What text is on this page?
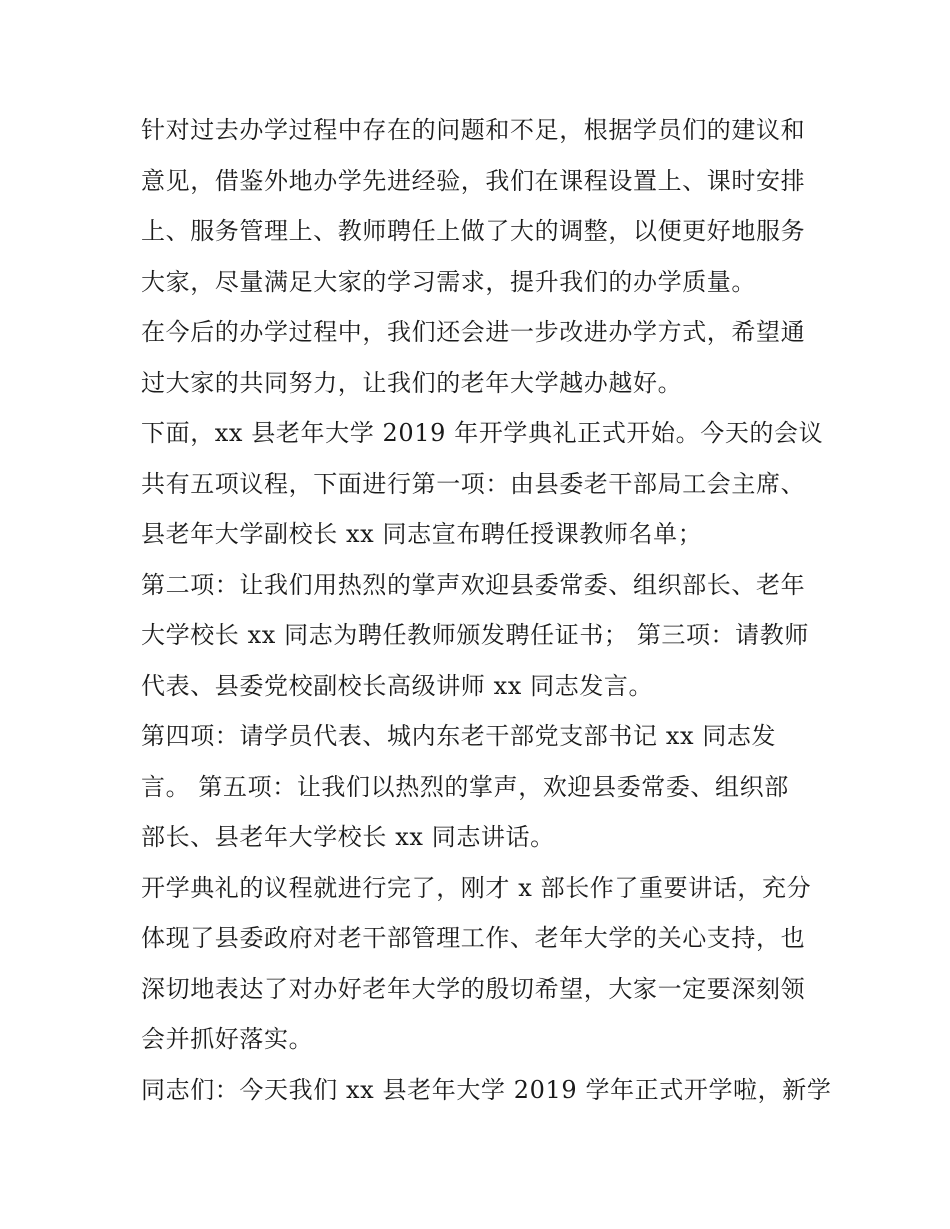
针对过去办学过程中存在的问题和不足，根据学员们的建议和
意见，借鉴外地办学先进经验，我们在课程设置上、课时安排
上、服务管理上、教师聘任上做了大的调整，以便更好地服务
大家，尽量满足大家的学习需求，提升我们的办学质量。

在今后的办学过程中，我们还会进一步改进办学方式，希望通
过大家的共同努力，让我们的老年大学越办越好。

下面，xx 县老年大学 2019 年开学典礼正式开始。今天的会议
共有五项议程，下面进行第一项：由县委老干部局工会主席、
县老年大学副校长 xx 同志宣布聘任授课教师名单；

第二项：让我们用热烈的掌声欢迎县委常委、组织部长、老年
大学校长 xx 同志为聘任教师颁发聘任证书； 第三项：请教师
代表、县委党校副校长高级讲师 xx 同志发言。

第四项：请学员代表、城内东老干部党支部书记 xx 同志发
言。 第五项：让我们以热烈的掌声，欢迎县委常委、组织部
部长、县老年大学校长 xx 同志讲话。

开学典礼的议程就进行完了，刚才 x 部长作了重要讲话，充分
体现了县委政府对老干部管理工作、老年大学的关心支持，也
深切地表达了对办好老年大学的殷切希望，大家一定要深刻领
会并抓好落实。

同志们：今天我们 xx 县老年大学 2019 学年正式开学啦，新学
